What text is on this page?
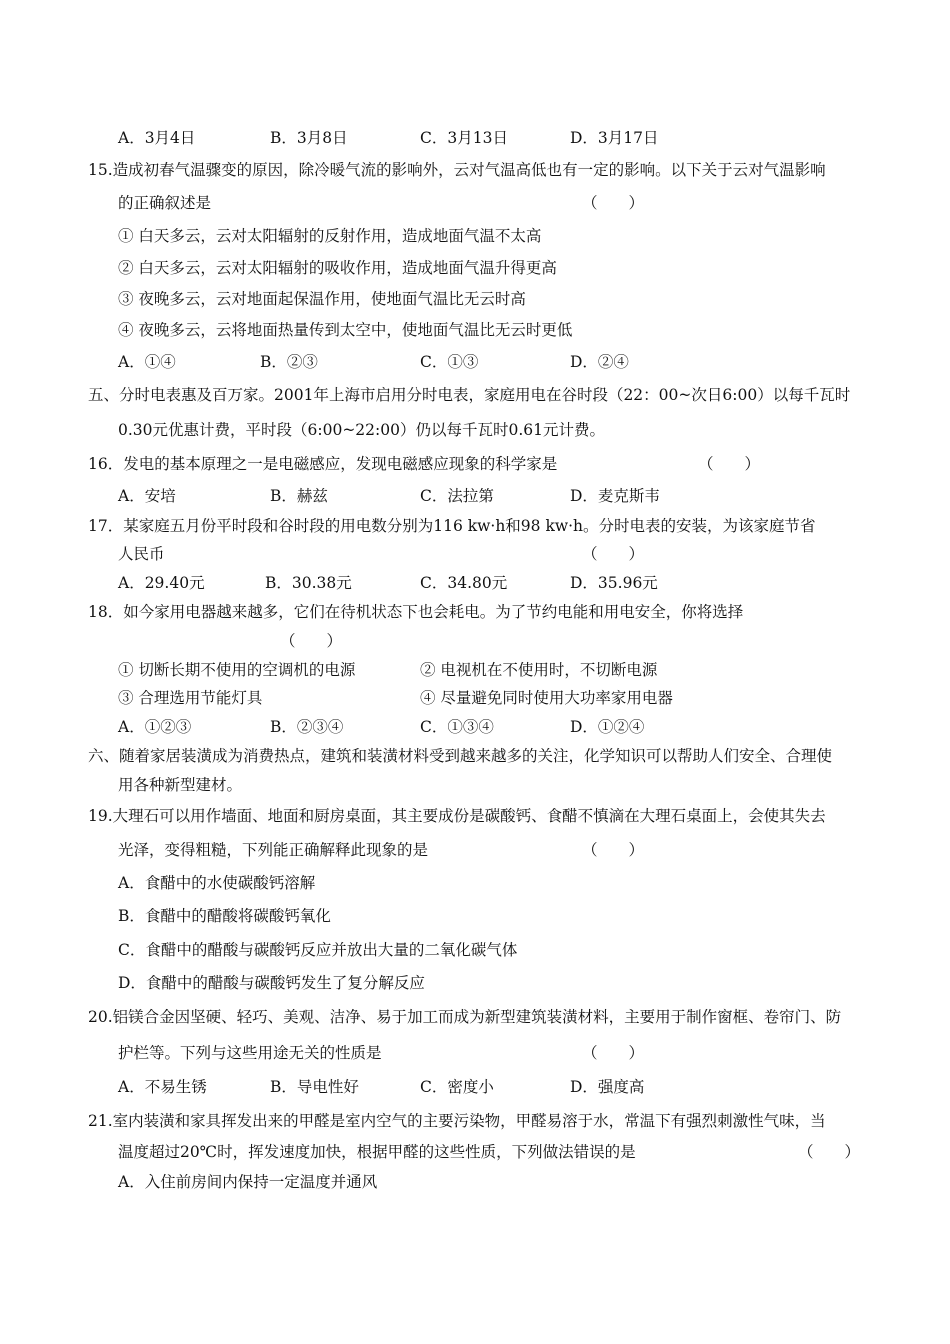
A．3月4日	B．3月8日	C．3月13日	D．3月17日
15.造成初春气温骤变的原因，除冷暖气流的影响外，云对气温高低也有一定的影响。以下关于云对气温影响
的正确叙述是	（　　）
① 白天多云，云对太阳辐射的反射作用，造成地面气温不太高
② 白天多云，云对太阳辐射的吸收作用，造成地面气温升得更高
③ 夜晚多云，云对地面起保温作用，使地面气温比无云时高
④ 夜晚多云，云将地面热量传到太空中，使地面气温比无云时更低
A．①④	B．②③	C．①③	D．②④
五、分时电表惠及百万家。2001年上海市启用分时电表，家庭用电在谷时段（22：00~次日6:00）以每千瓦时
0.30元优惠计费，平时段（6:00~22:00）仍以每千瓦时0.61元计费。
16．发电的基本原理之一是电磁感应，发现电磁感应现象的科学家是	（　　）
A．安培	B．赫兹	C．法拉第	D．麦克斯韦
17．某家庭五月份平时段和谷时段的用电数分别为116 kw·h和98 kw·h。分时电表的安装，为该家庭节省
人民币	（　　）
A．29.40元	B．30.38元	C．34.80元	D．35.96元
18．如今家用电器越来越多，它们在待机状态下也会耗电。为了节约电能和用电安全，你将选择
（　　）
① 切断长期不使用的空调机的电源	② 电视机在不使用时，不切断电源
③ 合理选用节能灯具	④ 尽量避免同时使用大功率家用电器
A．①②③	B．②③④	C．①③④	D．①②④
六、随着家居装潢成为消费热点，建筑和装潢材料受到越来越多的关注，化学知识可以帮助人们安全、合理使
用各种新型建材。
19.大理石可以用作墙面、地面和厨房桌面，其主要成份是碳酸钙、食醋不慎滴在大理石桌面上，会使其失去
光泽，变得粗糙，下列能正确解释此现象的是	（　　）
A．食醋中的水使碳酸钙溶解
B．食醋中的醋酸将碳酸钙氧化
C．食醋中的醋酸与碳酸钙反应并放出大量的二氧化碳气体
D．食醋中的醋酸与碳酸钙发生了复分解反应
20.铝镁合金因坚硬、轻巧、美观、洁净、易于加工而成为新型建筑装潢材料，主要用于制作窗框、卷帘门、防
护栏等。下列与这些用途无关的性质是	（　　）
A．不易生锈	B．导电性好	C．密度小	D．强度高
21.室内装潢和家具挥发出来的甲醛是室内空气的主要污染物，甲醛易溶于水，常温下有强烈刺激性气味，当
温度超过20℃时，挥发速度加快，根据甲醛的这些性质，下列做法错误的是	（　　）
A．入住前房间内保持一定温度并通风
